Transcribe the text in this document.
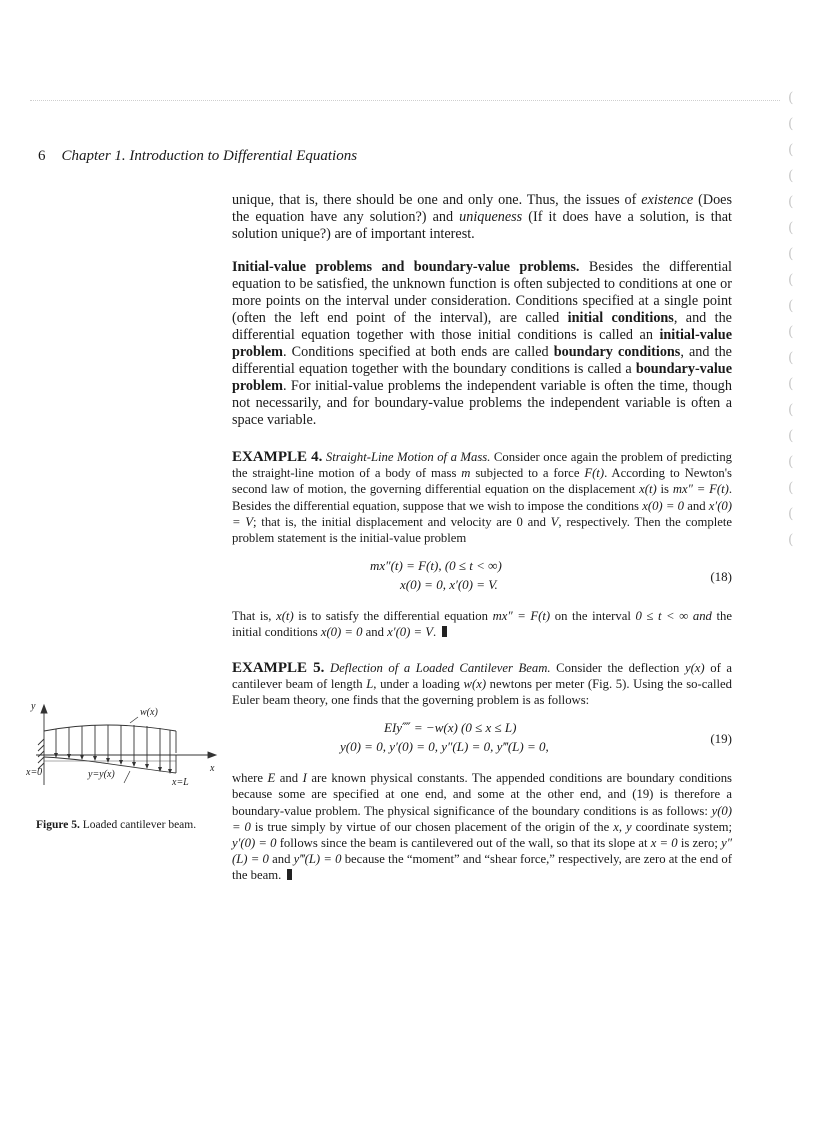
(
(
(
(
(
(
(
(
(
(
(
(
(
(
(
(
(
(
6 Chapter 1. Introduction to Differential Equations

unique, that is, there should be one and only one. Thus, the issues of existence (Does the equation have any solution?) and uniqueness (If it does have a solution, is that solution unique?) are of important interest.

Initial-value problems and boundary-value problems. Besides the differential equation to be satisfied, the unknown function is often subjected to conditions at one or more points on the interval under consideration. Conditions specified at a single point (often the left end point of the interval), are called initial conditions, and the differential equation together with those initial conditions is called an initial-value problem. Conditions specified at both ends are called boundary conditions, and the differential equation together with the boundary conditions is called a boundary-value problem. For initial-value problems the independent variable is often the time, though not necessarily, and for boundary-value problems the independent variable is often a space variable.

EXAMPLE 4. Straight-Line Motion of a Mass. Consider once again the problem of predicting the straight-line motion of a body of mass m subjected to a force F(t). According to Newton's second law of motion, the governing differential equation on the displacement x(t) is mx″ = F(t). Besides the differential equation, suppose that we wish to impose the conditions x(0) = 0 and x′(0) = V; that is, the initial displacement and velocity are 0 and V, respectively. Then the complete problem statement is the initial-value problem

mx″(t) = F(t), (0 ≤ t < ∞)
x(0) = 0, x′(0) = V.
(18)

That is, x(t) is to satisfy the differential equation mx″ = F(t) on the interval 0 ≤ t < ∞ and the initial conditions x(0) = 0 and x′(0) = V.

EXAMPLE 5. Deflection of a Loaded Cantilever Beam. Consider the deflection y(x) of a cantilever beam of length L, under a loading w(x) newtons per meter (Fig. 5). Using the so-called Euler beam theory, one finds that the governing problem is as follows:

EIy⁗ = −w(x) (0 ≤ x ≤ L)
y(0) = 0, y′(0) = 0, y″(L) = 0, y‴(L) = 0,
(19)

where E and I are known physical constants. The appended conditions are boundary conditions because some are specified at one end, and some at the other end, and (19) is therefore a boundary-value problem. The physical significance of the boundary conditions is as follows: y(0) = 0 is true simply by virtue of our chosen placement of the origin of the x, y coordinate system; y′(0) = 0 follows since the beam is cantilevered out of the wall, so that its slope at x = 0 is zero; y″(L) = 0 and y‴(L) = 0 because the “moment” and “shear force,” respectively, are zero at the end of the beam.

y
w(x)
x
x=0	y=y(x)
x=L
Figure 5. Loaded cantilever beam.
